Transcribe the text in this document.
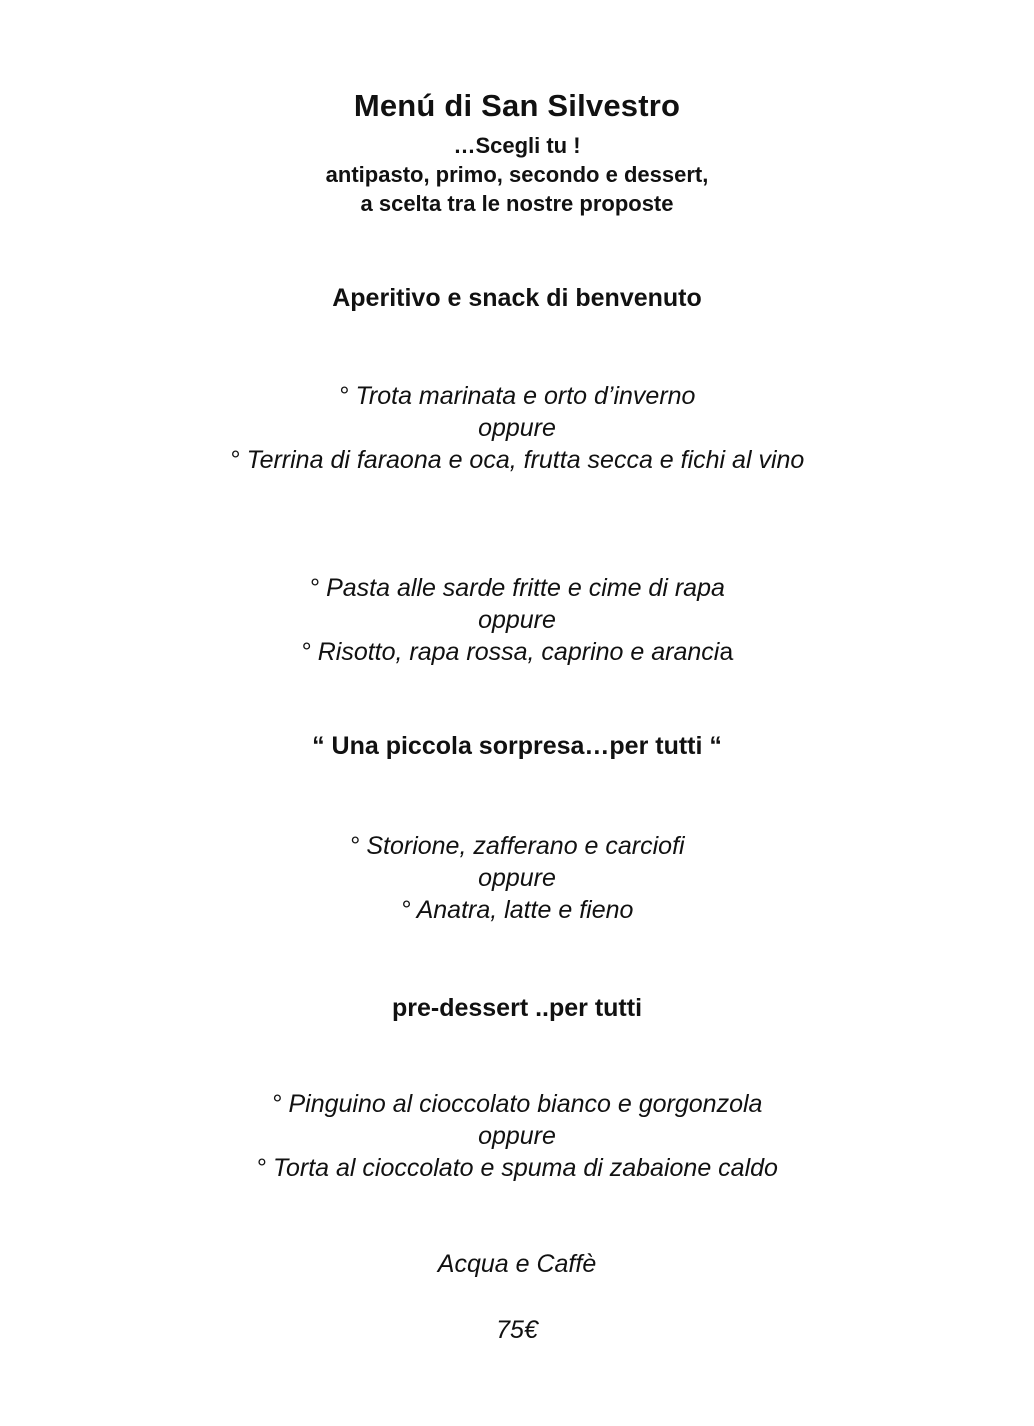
Menú di San Silvestro
…Scegli tu !
antipasto, primo, secondo e dessert,
a scelta tra le nostre proposte
Aperitivo e snack di benvenuto
° Trota marinata e orto d’inverno
oppure
° Terrina di faraona e oca, frutta secca e fichi al vino
° Pasta alle sarde fritte e cime di rapa
oppure
° Risotto, rapa rossa, caprino e arancia
“ Una piccola sorpresa…per tutti “
° Storione, zafferano e carciofi
oppure
° Anatra, latte e fieno
pre-dessert ..per tutti
° Pinguino al cioccolato bianco e gorgonzola
oppure
° Torta al cioccolato e spuma di zabaione caldo
Acqua e Caffè
75€
